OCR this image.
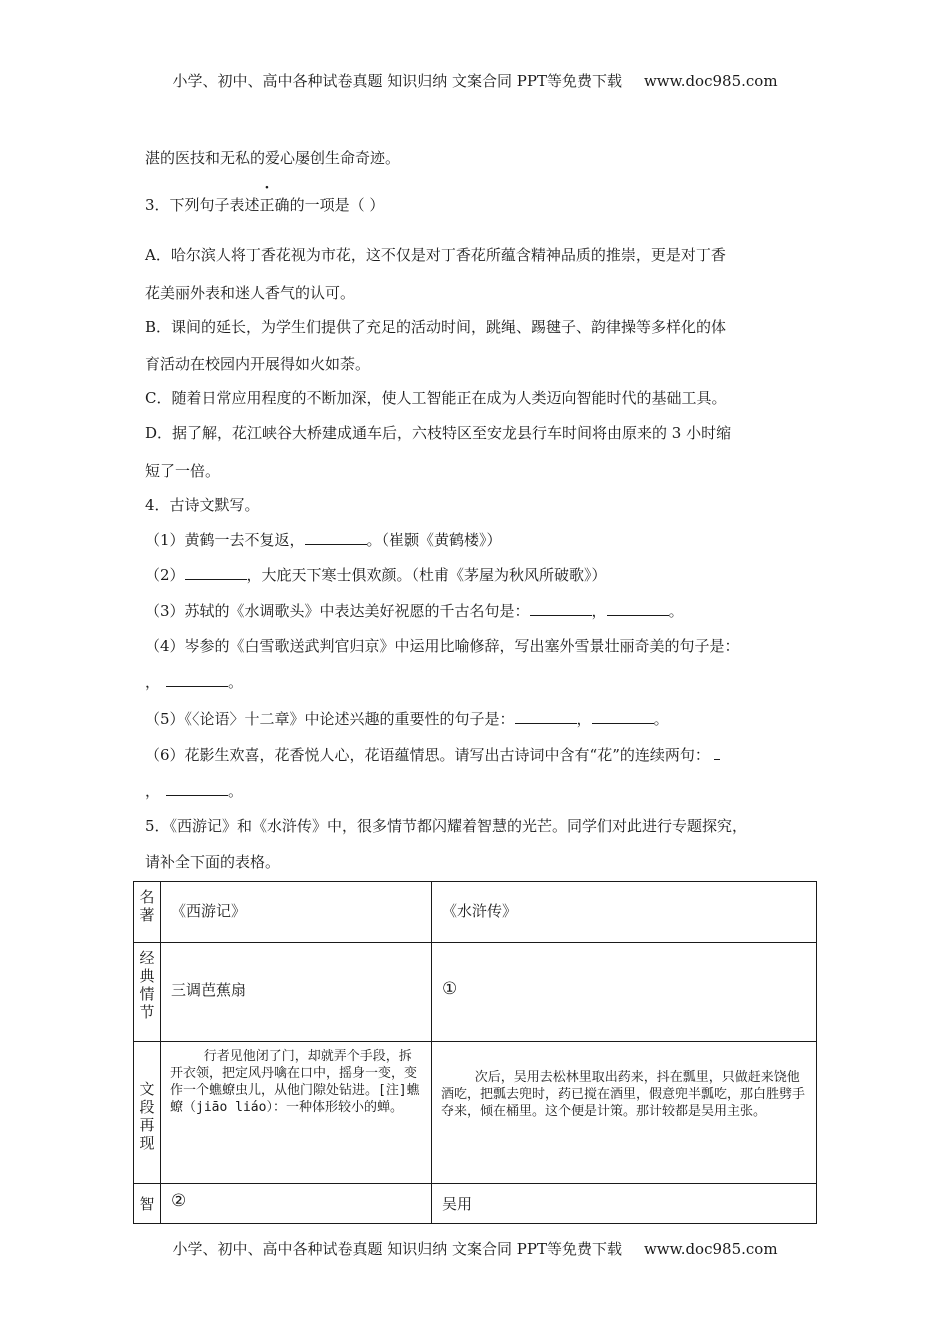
小学、初中、高中各种试卷真题 知识归纳 文案合同 PPT等免费下载 www.doc985.com
湛的医技和无私的爱心屡创生命奇迹。
3．下列句子表述正确的一项是（ ）
A．哈尔滨人将丁香花视为市花，这不仅是对丁香花所蕴含精神品质的推崇，更是对丁香
花美丽外表和迷人香气的认可。
B．课间的延长，为学生们提供了充足的活动时间，跳绳、踢毽子、韵律操等多样化的体
育活动在校园内开展得如火如荼。
C．随着日常应用程度的不断加深，使人工智能正在成为人类迈向智能时代的基础工具。
D．据了解，花江峡谷大桥建成通车后，六枝特区至安龙县行车时间将由原来的 3 小时缩
短了一倍。
4．古诗文默写。
（1）黄鹤一去不复返，	。（崔颢《黄鹤楼》）
（2）	，大庇天下寒士俱欢颜。（杜甫《茅屋为秋风所破歌》）
（3）苏轼的《水调歌头》中表达美好祝愿的千古名句是：	，	。
（4）岑参的《白雪歌送武判官归京》中运用比喻修辞，写出塞外雪景壮丽奇美的句子是：
，	。
（5）《〈论语〉十二章》中论述兴趣的重要性的句子是：	，	。
（6）花影生欢喜，花香悦人心，花语蕴情思。请写出古诗词中含有“花”的连续两句：
，	。
5．《西游记》和《水浒传》中，很多情节都闪耀着智慧的光芒。同学们对此进行专题探究，
请补全下面的表格。
名
著	《西游记》	《水浒传》

经
典
情
节	三调芭蕉扇	①

文
段
再
现	行者见他闭了门，却就弄个手段，拆开衣领，把定风丹噙在口中，摇身一变，变作一个蟭蟟虫儿，从他门隙处钻进。[注]蟭蟟（jiāo liáo）：一种体形较小的蝉。	次后，吴用去松林里取出药来，抖在瓢里，只做赶来饶他酒吃，把瓢去兜时，药已搅在酒里，假意兜半瓢吃，那白胜劈手夺来，倾在桶里。这个便是计策。那计较都是吴用主张。

智	②	吴用
小学、初中、高中各种试卷真题 知识归纳 文案合同 PPT等免费下载 www.doc985.com
